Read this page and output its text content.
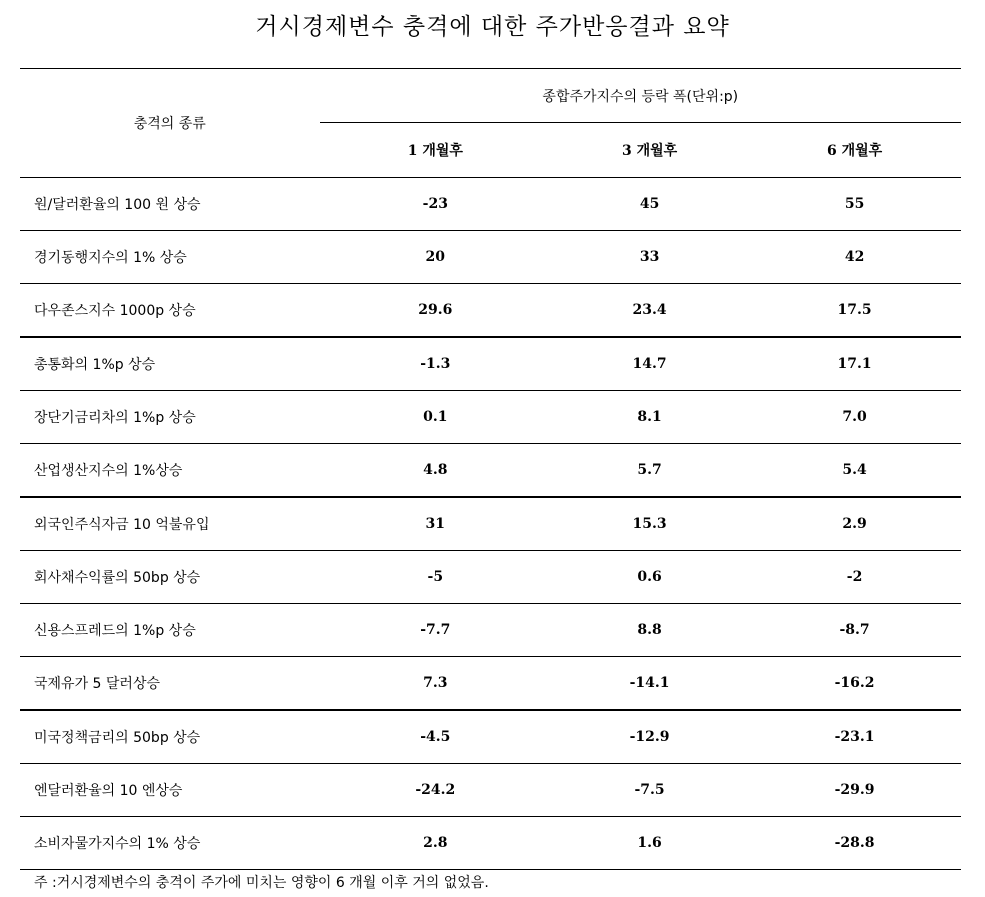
거시경제변수 충격에 대한 주가반응결과 요약
충격의 종류	종합주가지수의 등락 폭(단위:p)		

	1 개월후	3 개월후	6 개월후
원/달러환율의 100 원 상승	-23	45	55
경기동행지수의 1% 상승	20	33	42
다우존스지수 1000p 상승	29.6	23.4	17.5
총통화의 1%p 상승	-1.3	14.7	17.1
장단기금리차의 1%p 상승	0.1	8.1	7.0
산업생산지수의 1%상승	4.8	5.7	5.4
외국인주식자금 10 억불유입	31	15.3	2.9
회사채수익률의 50bp 상승	-5	0.6	-2
신용스프레드의 1%p 상승	-7.7	8.8	-8.7
국제유가 5 달러상승	7.3	-14.1	-16.2
미국정책금리의 50bp 상승	-4.5	-12.9	-23.1
엔달러환율의 10 엔상승	-24.2	-7.5	-29.9
소비자물가지수의 1% 상승	2.8	1.6	-28.8
주 :거시경제변수의 충격이 주가에 미치는 영향이 6 개월 이후 거의 없었음.
